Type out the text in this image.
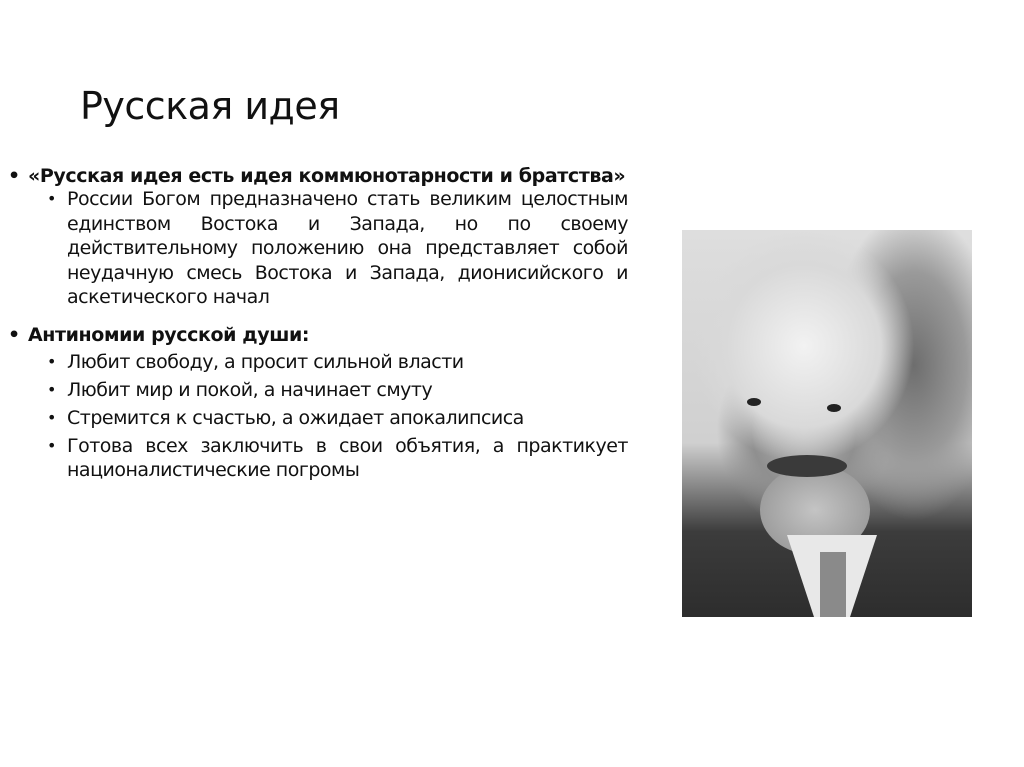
Русская идея
• «Русская идея есть идея коммюнотарности и братства»
• России Богом предназначено стать великим целостным единством Востока и Запада, но по своему действительному положению она представляет собой неудачную смесь Востока и Запада, дионисийского и аскетического начал
• Антиномии русской души:
• Любит свободу, а просит сильной власти
• Любит мир и покой, а начинает смуту
• Стремится к счастью, а ожидает апокалипсиса
• Готова всех заключить в свои объятия, а практикует националистические погромы
